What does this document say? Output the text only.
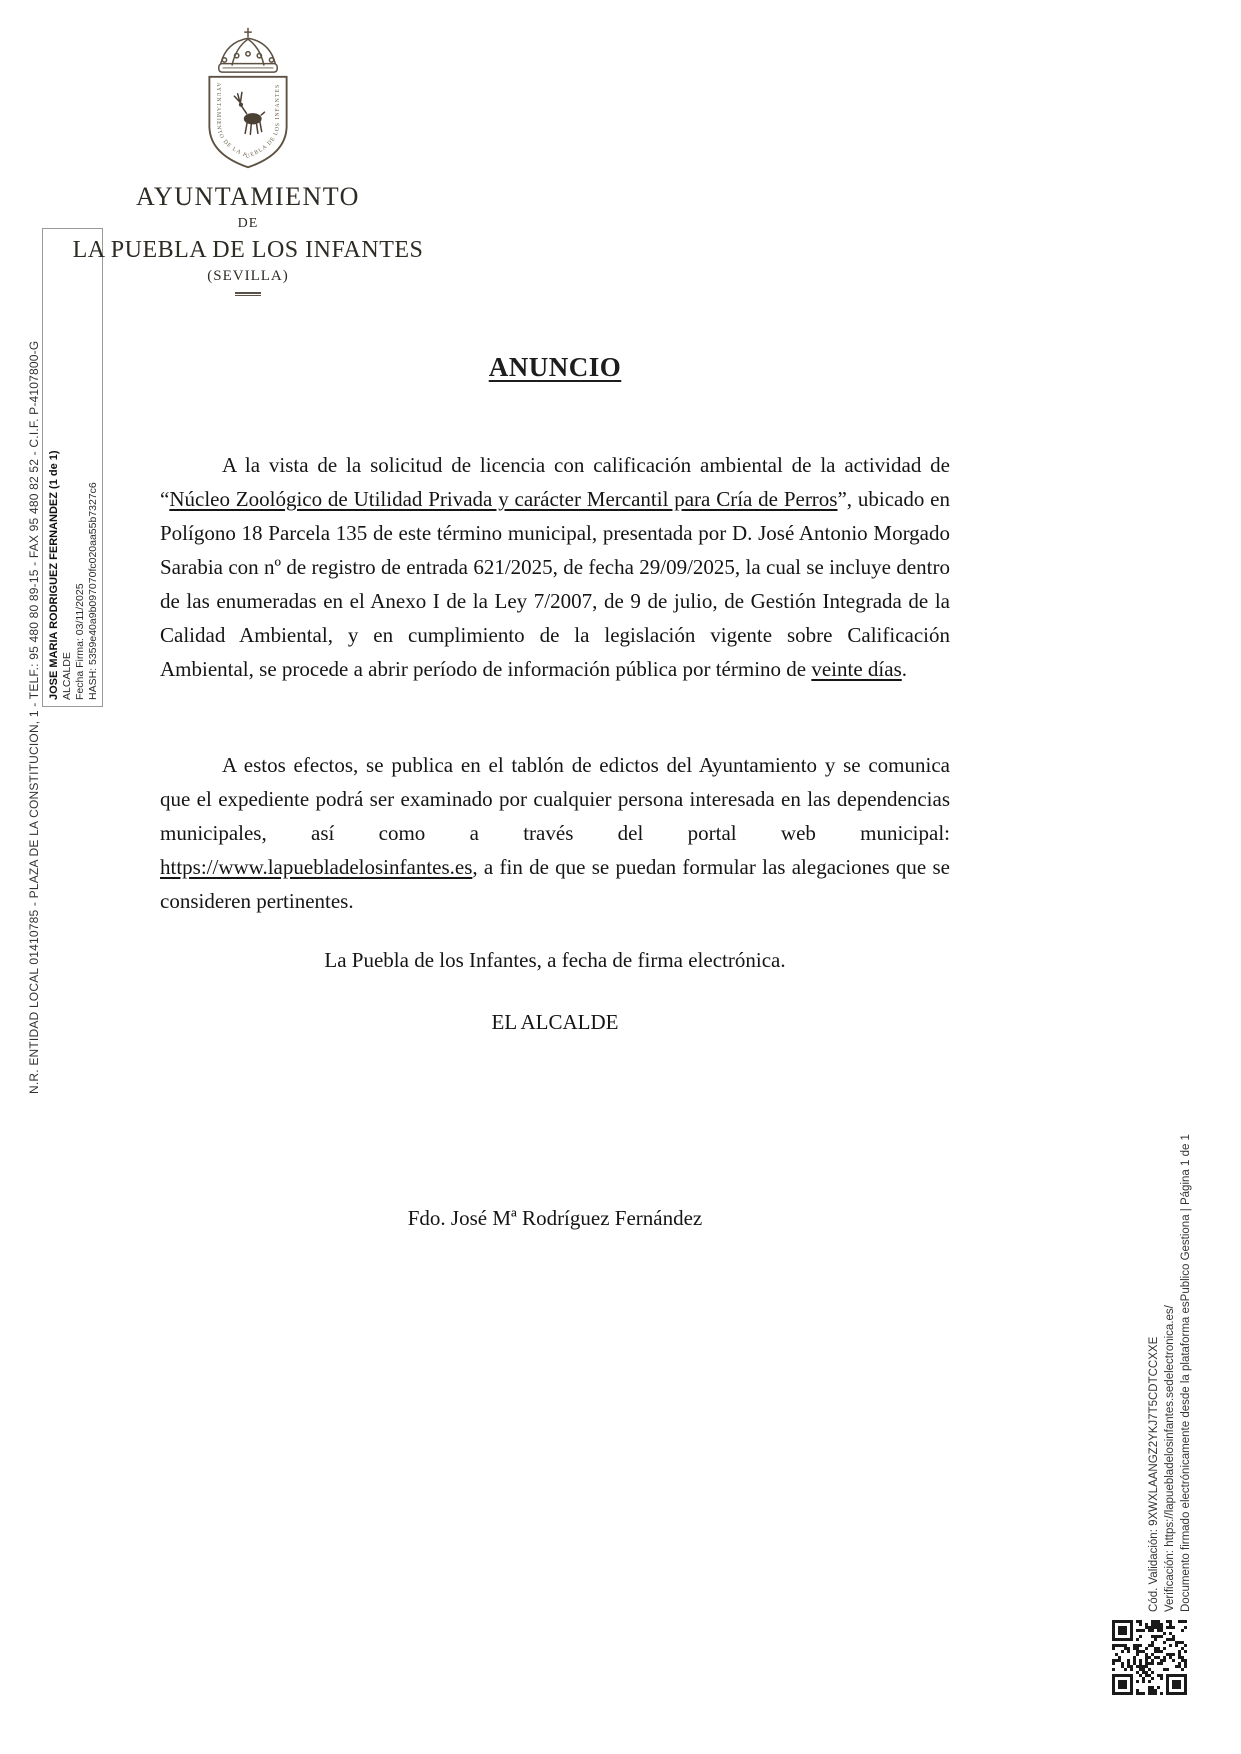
N.R. ENTIDAD LOCAL 01410785 - PLAZA DE LA CONSTITUCION, 1 - TELF.: 95 480 80 89-15 - FAX 95 480 82 52 - C.I.F. P-4107800-G JOSE MARIA RODRIGUEZ FERNANDEZ (1 de 1) ALCALDE Fecha Firma: 03/11/2025 HASH: 5359e40a9b097070fc020aa55b7327c6
AYUNTAMIENTO DE LA PUEBLA DE LOS INFANTES
AYUNTAMIENTO
DE
LA PUEBLA DE LOS INFANTES
(SEVILLA)
ANUNCIO

A la vista de la solicitud de licencia con calificación ambiental de la actividad de “Núcleo Zoológico de Utilidad Privada y carácter Mercantil para Cría de Perros”, ubicado en Polígono 18 Parcela 135 de este término municipal, presentada por D. José Antonio Morgado Sarabia con nº de registro de entrada 621/2025, de fecha 29/09/2025, la cual se incluye dentro de las enumeradas en el Anexo I de la Ley 7/2007, de 9 de julio, de Gestión Integrada de la Calidad Ambiental, y en cumplimiento de la legislación vigente sobre Calificación Ambiental, se procede a abrir período de información pública por término de veinte días.

A estos efectos, se publica en el tablón de edictos del Ayuntamiento y se comunica que el expediente podrá ser examinado por cualquier persona interesada en las dependencias municipales, así como a través del portal web municipal: https://www.lapuebladelosinfantes.es, a fin de que se puedan formular las alegaciones que se consideren pertinentes.

La Puebla de los Infantes, a fecha de firma electrónica.

EL ALCALDE

Fdo. José Mª Rodríguez Fernández

Cód. Validación: 9XWXLAANGZ2YKJ7T5CDTCCXXE Verificación: https://lapuebladelosinfantes.sedelectronica.es/ Documento firmado electrónicamente desde la plataforma esPublico Gestiona | Página 1 de 1
